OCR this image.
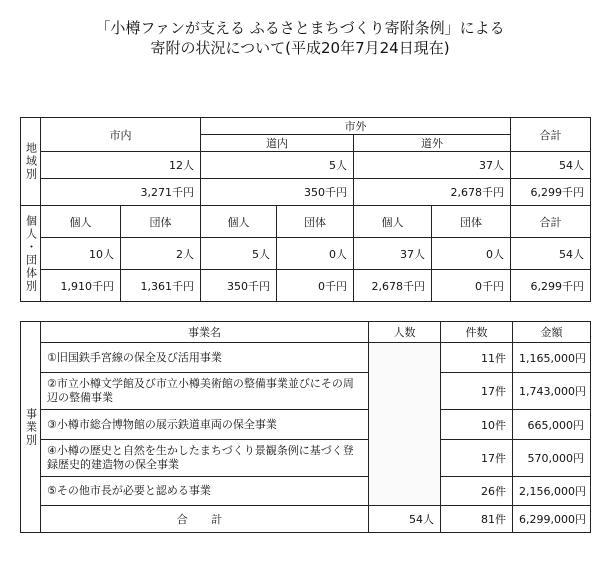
「小樽ファンが支える ふるさとまちづくり寄附条例」による
寄附の状況について(平成20年7月24日現在)
地域別	市内		市外				合計
			道内		道外		
	12人		5人		37人		54人
	3,271千円		350千円		2,678千円		6,299千円
個人・団体別	個人	団体	個人	団体	個人	団体	合計
	10人	2人	5人	0人	37人	0人	54人
	1,910千円	1,361千円	350千円	0千円	2,678千円	0千円	6,299千円
事業別	事業名	人数	件数	金額
	①旧国鉄手宮線の保全及び活用事業		11件	1,165,000円
	②市立小樽文学館及び市立小樽美術館の整備事業並びにその周辺の整備事業		17件	1,743,000円
	③小樽市総合博物館の展示鉄道車両の保全事業		10件	665,000円
	④小樽の歴史と自然を生かしたまちづくり景観条例に基づく登録歴史的建造物の保全事業		17件	570,000円
	⑤その他市長が必要と認める事業		26件	2,156,000円
	合 計	54人	81件	6,299,000円
